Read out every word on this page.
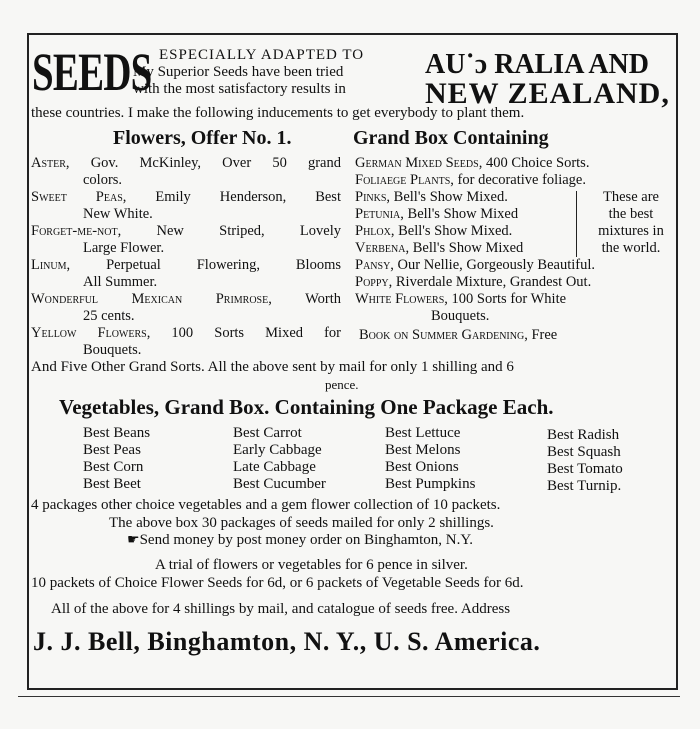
SEEDS ESPECIALLY ADAPTED TO
My Superior Seeds have been tried
with the most satisfactory results in
AU˙ɔ RALIA AND
NEW ZEALAND,
these countries. I make the following inducements to get everybody to plant them.
Flowers, Offer No. 1.
Aster, Gov. McKinley, Over 50 grand
colors.
Sweet Peas, Emily Henderson, Best
New White.
Forget-me-not, New Striped, Lovely
Large Flower.
Linum, Perpetual Flowering, Blooms
All Summer.
Wonderful Mexican Primrose, Worth
25 cents.
Yellow Flowers, 100 Sorts Mixed for
Bouquets.
Grand Box Containing
German Mixed Seeds, 400 Choice Sorts.
Foliaege Plants, for decorative foliage.
Pinks, Bell's Show Mixed.
Petunia, Bell's Show Mixed
Phlox, Bell's Show Mixed.
Verbena, Bell's Show Mixed
These are
the best
mixtures in
the world.
Pansy, Our Nellie, Gorgeously Beautiful.
Poppy, Riverdale Mixture, Grandest Out.
White Flowers, 100 Sorts for White
Bouquets.
Book on Summer Gardening, Free
And Five Other Grand Sorts. All the above sent by mail for only 1 shilling and 6
pence.
Vegetables, Grand Box. Containing One Package Each.
Best Beans
Best Peas
Best Corn
Best Beet
Best Carrot
Early Cabbage
Late Cabbage
Best Cucumber
Best Lettuce
Best Melons
Best Onions
Best Pumpkins
Best Radish
Best Squash
Best Tomato
Best Turnip.
4 packages other choice vegetables and a gem flower collection of 10 packets.
The above box 30 packages of seeds mailed for only 2 shillings.
☛Send money by post money order on Binghamton, N.Y.
A trial of flowers or vegetables for 6 pence in silver.
10 packets of Choice Flower Seeds for 6d, or 6 packets of Vegetable Seeds for 6d.
All of the above for 4 shillings by mail, and catalogue of seeds free. Address
J. J. Bell, Binghamton, N. Y., U. S. America.
